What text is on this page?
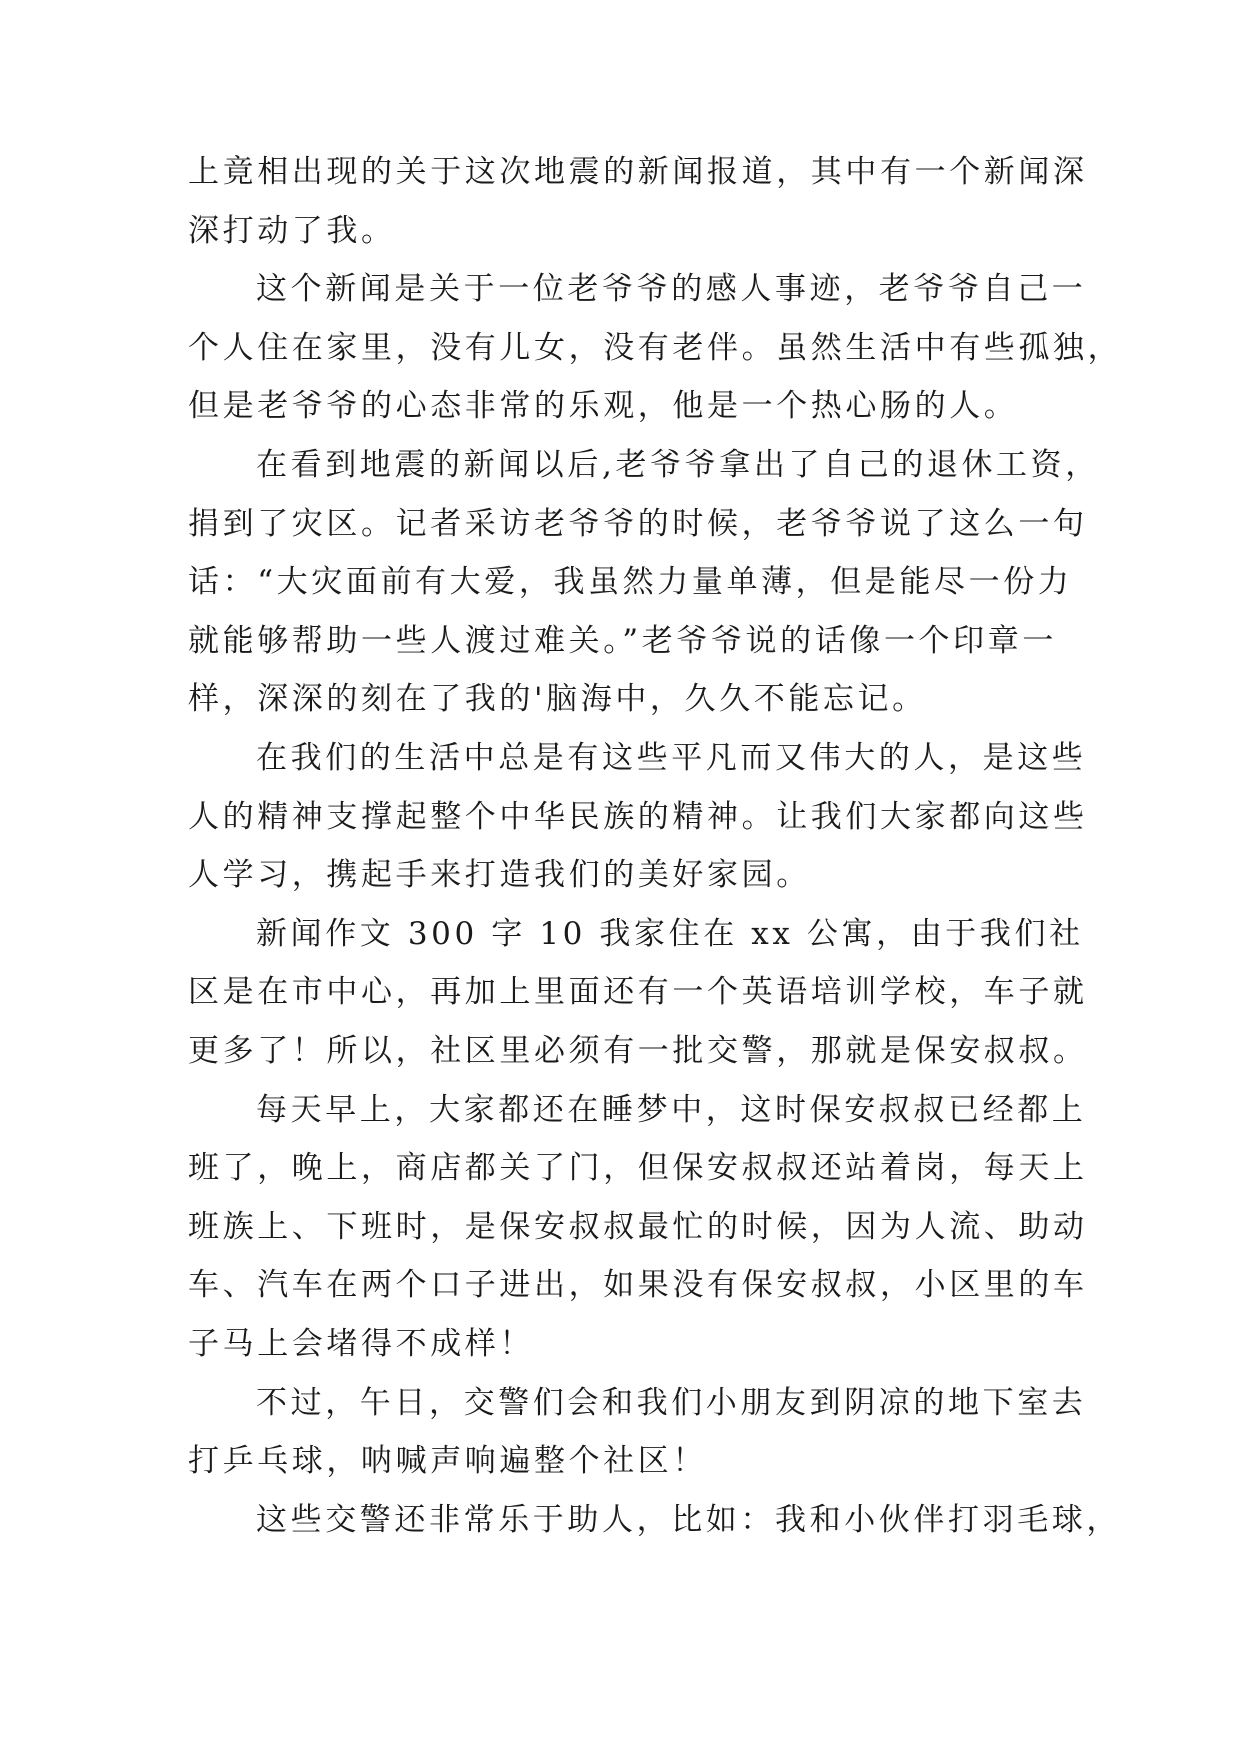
上竟相出现的关于这次地震的新闻报道，其中有一个新闻深
深打动了我。
这个新闻是关于一位老爷爷的感人事迹，老爷爷自己一
个人住在家里，没有儿女，没有老伴。虽然生活中有些孤独，
但是老爷爷的心态非常的乐观，他是一个热心肠的人。
在看到地震的新闻以后,老爷爷拿出了自己的退休工资，
捐到了灾区。记者采访老爷爷的时候，老爷爷说了这么一句
话：“大灾面前有大爱，我虽然力量单薄，但是能尽一份力
就能够帮助一些人渡过难关。”老爷爷说的话像一个印章一
样，深深的刻在了我的'脑海中，久久不能忘记。
在我们的生活中总是有这些平凡而又伟大的人，是这些
人的精神支撑起整个中华民族的精神。让我们大家都向这些
人学习，携起手来打造我们的美好家园。
新闻作文 300 字 10 我家住在 xx 公寓，由于我们社
区是在市中心，再加上里面还有一个英语培训学校，车子就
更多了！所以，社区里必须有一批交警，那就是保安叔叔。
每天早上，大家都还在睡梦中，这时保安叔叔已经都上
班了，晚上，商店都关了门，但保安叔叔还站着岗，每天上
班族上、下班时，是保安叔叔最忙的时候，因为人流、助动
车、汽车在两个口子进出，如果没有保安叔叔，小区里的车
子马上会堵得不成样！
不过，午日，交警们会和我们小朋友到阴凉的地下室去
打乒乓球，呐喊声响遍整个社区！
这些交警还非常乐于助人，比如：我和小伙伴打羽毛球，
